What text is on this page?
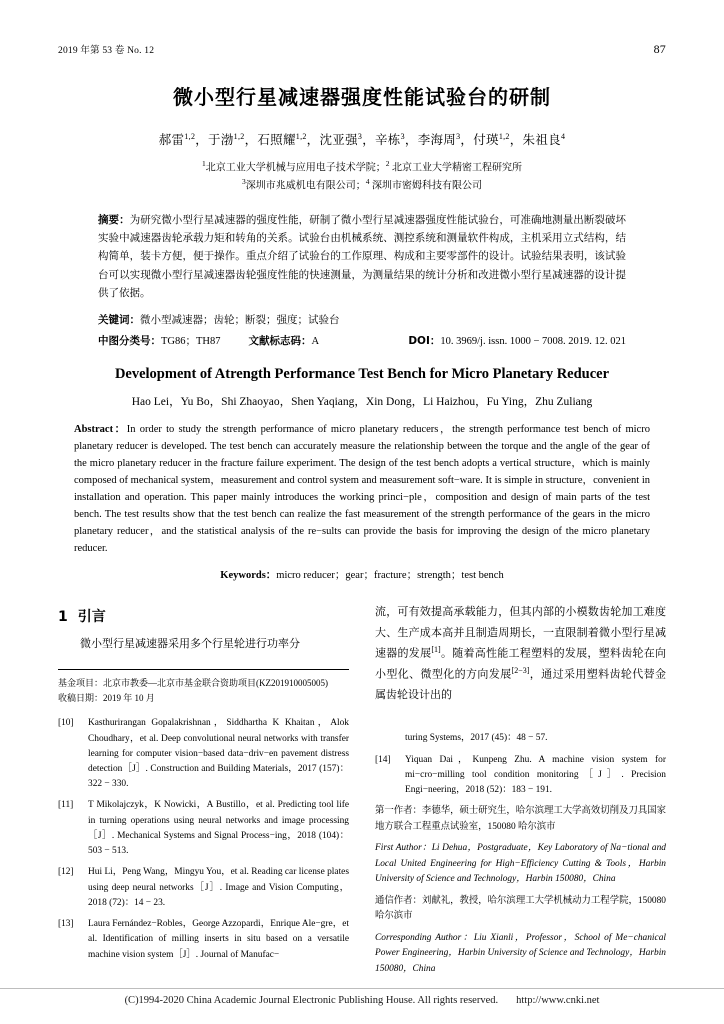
2019 年第 53 卷 No. 12	87
微小型行星减速器强度性能试验台的研制
郝雷$^{1,2}$，于渤$^{1,2}$，石照耀$^{1,2}$，沈亚强$^3$，辛栋$^3$，李海周$^3$，付瑛$^{1,2}$，朱祖良$^4$
$^1$北京工业大学机械与应用电子技术学院；$^2$ 北京工业大学精密工程研究所
$^3$深圳市兆威机电有限公司；$^4$ 深圳市密姆科技有限公司
摘要：为研究微小型行星减速器的强度性能，研制了微小型行星减速器强度性能试验台，可准确地测量出断裂破坏实验中减速器齿轮承载力矩和转角的关系。试验台由机械系统、测控系统和测量软件构成，主机采用立式结构，结构简单，装卡方便，便于操作。重点介绍了试验台的工作原理、构成和主要零部件的设计。试验结果表明，该试验台可以实现微小型行星减速器齿轮强度性能的快速测量，为测量结果的统计分析和改进微小型行星减速器的设计提供了依据。
关键词：微小型减速器；齿轮；断裂；强度；试验台
中图分类号：TG86；TH87	文献标志码：A	DOI：10. 3969/j. issn. 1000 − 7008. 2019. 12. 021
Development of Atrength Performance Test Bench for Micro Planetary Reducer
Hao Lei，Yu Bo，Shi Zhaoyao，Shen Yaqiang，Xin Dong，Li Haizhou，Fu Ying，Zhu Zuliang
Abstract：In order to study the strength performance of micro planetary reducers，the strength performance test bench of micro planetary reducer is developed. The test bench can accurately measure the relationship between the torque and the angle of the gear of the micro planetary reducer in the fracture failure experiment. The design of the test bench adopts a vertical structure，which is mainly composed of mechanical system，measurement and control system and measurement soft−ware. It is simple in structure，convenient in installation and operation. This paper mainly introduces the working princi−ple，composition and design of main parts of the test bench. The test results show that the test bench can realize the fast measurement of the strength performance of the gears in the micro planetary reducer，and the statistical analysis of the re−sults can provide the basis for improving the design of the micro planetary reducer.
Keywords：micro reducer；gear；fracture；strength；test bench
1 引言
微小型行星减速器采用多个行星轮进行功率分
基金项目：北京市教委—北京市基金联合资助项目(KZ201910005005)
收稿日期：2019 年 10 月
[10]	Kasthurirangan Gopalakrishnan，Siddhartha K Khaitan，Alok Choudhary，et al. Deep convolutional neural networks with transfer learning for computer vision−based data−driv−en pavement distress detection［J］. Construction and Building Materials，2017 (157)：322 − 330.
[11]	T Mikolajczyk，K Nowicki，A Bustillo，et al. Predicting tool life in turning operations using neural networks and image processing［J］. Mechanical Systems and Signal Process−ing，2018 (104)：503 − 513.
[12]	Hui Li，Peng Wang，Mingyu You，et al. Reading car license plates using deep neural networks［J］. Image and Vision Computing，2018 (72)：14 − 23.
[13]	Laura Fernández−Robles，George Azzopardi，Enrique Ale−gre，et al. Identification of milling inserts in situ based on a versatile machine vision system［J］. Journal of Manufac−
流，可有效提高承载能力，但其内部的小模数齿轮加工难度大、生产成本高并且制造周期长，一直限制着微小型行星减速器的发展[1]。随着高性能工程塑料的发展，塑料齿轮在向小型化、微型化的方向发展[2−3]，通过采用塑料齿轮代替金属齿轮设计出的
turing Systems，2017 (45)：48 − 57.
[14]	Yiquan Dai，Kunpeng Zhu. A machine vision system for mi−cro−milling tool condition monitoring［J］. Precision Engi−neering，2018 (52)：183 − 191.
第一作者：李德华，硕士研究生，哈尔滨理工大学高效切削及刀具国家地方联合工程重点试验室，150080 哈尔滨市
First Author：Li Dehua，Postgraduate，Key Laboratory of Na−tional and Local United Engineering for High−Efficiency Cutting & Tools，Harbin University of Science and Technology，Harbin 150080，China
通信作者：刘献礼，教授，哈尔滨理工大学机械动力工程学院，150080 哈尔滨市
Corresponding Author：Liu Xianli，Professor，School of Me−chanical Power Engineering，Harbin University of Science and Technology，Harbin 150080，China
(C)1994-2020 China Academic Journal Electronic Publishing House. All rights reserved. http://www.cnki.net
